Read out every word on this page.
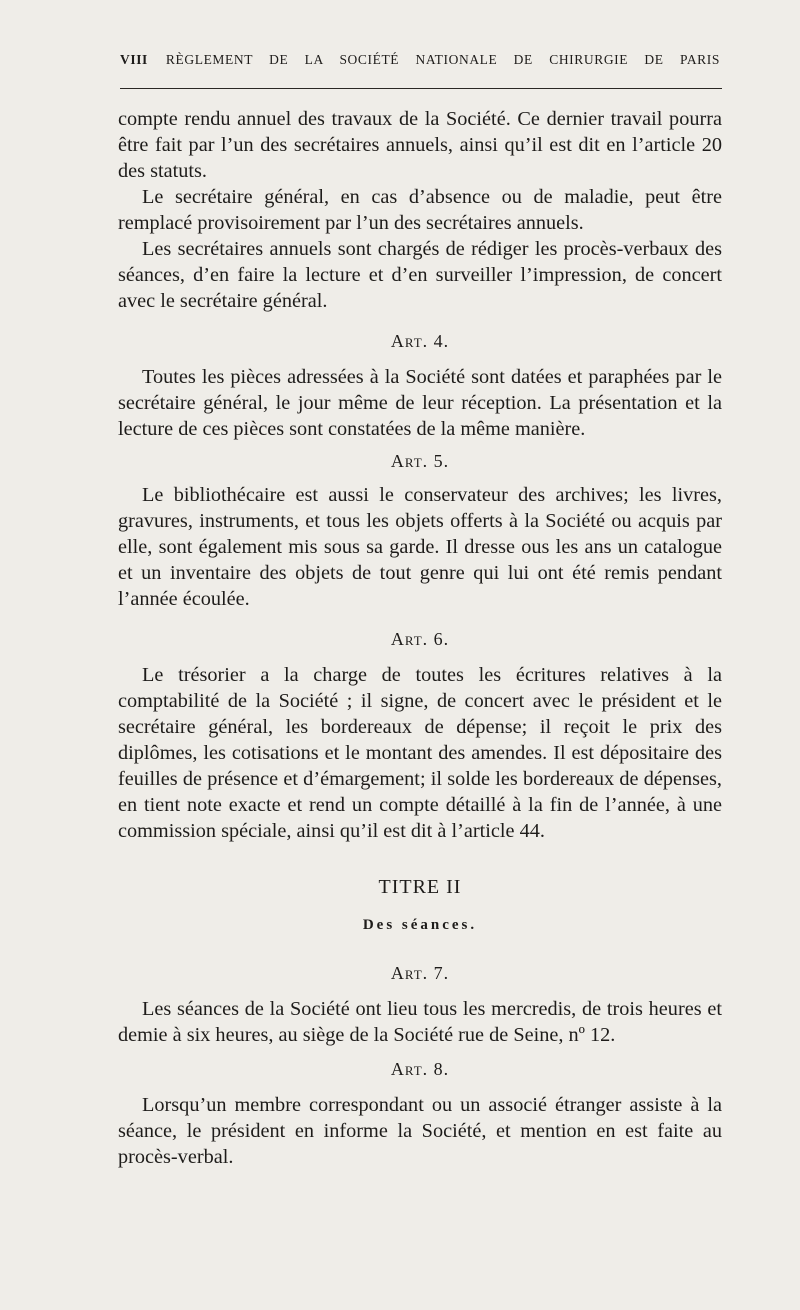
VIII RÈGLEMENT DE LA SOCIÉTÉ NATIONALE DE CHIRURGIE DE PARIS

compte rendu annuel des travaux de la Société. Ce dernier travail pourra être fait par l’un des secrétaires annuels, ainsi qu’il est dit en l’article 20 des statuts.

Le secrétaire général, en cas d’absence ou de maladie, peut être remplacé provisoirement par l’un des secrétaires annuels.

Les secrétaires annuels sont chargés de rédiger les procès-verbaux des séances, d’en faire la lecture et d’en surveiller l’impression, de concert avec le secrétaire général.

Art. 4.

Toutes les pièces adressées à la Société sont datées et paraphées par le secrétaire général, le jour même de leur réception. La présentation et la lecture de ces pièces sont constatées de la même manière.

Art. 5.

Le bibliothécaire est aussi le conservateur des archives; les livres, gravures, instruments, et tous les objets offerts à la Société ou acquis par elle, sont également mis sous sa garde. Il dresse ous les ans un catalogue et un inventaire des objets de tout genre qui lui ont été remis pendant l’année écoulée.

Art. 6.

Le trésorier a la charge de toutes les écritures relatives à la comptabilité de la Société ; il signe, de concert avec le président et le secrétaire général, les bordereaux de dépense; il reçoit le prix des diplômes, les cotisations et le montant des amendes. Il est dépositaire des feuilles de présence et d’émargement; il solde les bordereaux de dépenses, en tient note exacte et rend un compte détaillé à la fin de l’année, à une commission spéciale, ainsi qu’il est dit à l’article 44.

TITRE II
Des séances.
Art. 7.

Les séances de la Société ont lieu tous les mercredis, de trois heures et demie à six heures, au siège de la Société rue de Seine, nº 12.

Art. 8.

Lorsqu’un membre correspondant ou un associé étranger assiste à la séance, le président en informe la Société, et mention en est faite au procès-verbal.
